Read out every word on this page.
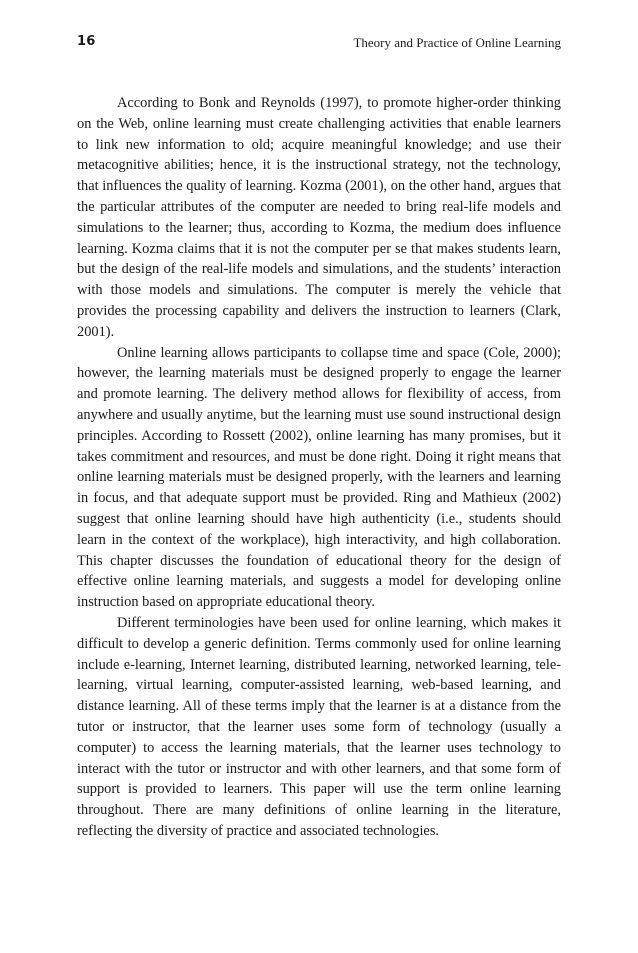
16	Theory and Practice of Online Learning

According to Bonk and Reynolds (1997), to promote higher-order thinking on the Web, online learning must create challenging activities that enable learners to link new information to old; acquire meaningful knowledge; and use their metacognitive abilities; hence, it is the instructional strategy, not the technology, that influences the quality of learning. Kozma (2001), on the other hand, argues that the particular attributes of the computer are needed to bring real-life models and simulations to the learner; thus, according to Kozma, the medium does influence learning. Kozma claims that it is not the computer per se that makes students learn, but the design of the real-life models and simulations, and the students’ interaction with those models and simulations. The computer is merely the vehicle that provides the processing capability and delivers the instruction to learners (Clark, 2001).

Online learning allows participants to collapse time and space (Cole, 2000); however, the learning materials must be designed properly to engage the learner and promote learning. The delivery method allows for flexibility of access, from anywhere and usually anytime, but the learning must use sound instructional design principles. According to Rossett (2002), online learning has many promises, but it takes commitment and resources, and must be done right. Doing it right means that online learning materials must be designed properly, with the learners and learning in focus, and that adequate support must be provided. Ring and Mathieux (2002) suggest that online learning should have high authenticity (i.e., students should learn in the context of the workplace), high interactivity, and high collaboration. This chapter discusses the foundation of educational theory for the design of effective online learning materials, and suggests a model for developing online instruction based on appropriate educational theory.

Different terminologies have been used for online learning, which makes it difficult to develop a generic definition. Terms commonly used for online learning include e-learning, Internet learning, distributed learning, networked learning, tele-learning, virtual learning, computer-assisted learning, web-based learning, and distance learning. All of these terms imply that the learner is at a distance from the tutor or instructor, that the learner uses some form of technology (usually a computer) to access the learning materials, that the learner uses technology to interact with the tutor or instructor and with other learners, and that some form of support is provided to learners. This paper will use the term online learning throughout. There are many definitions of online learning in the literature, reflecting the diversity of practice and associated technologies.
